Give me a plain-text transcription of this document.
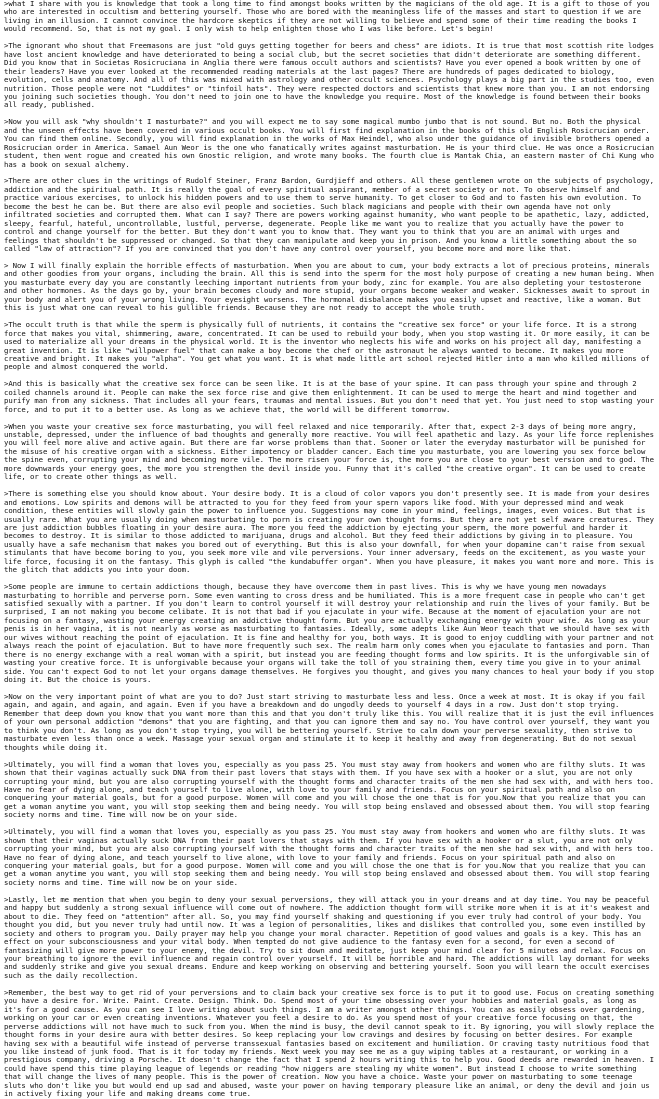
>what I share with you is knowledge that took a long time to find amongst books written by the magicians of the old age. It is a gift to those of you who are interested in occultism and bettering yourself. Those who are bored with the meaningless life of the masses and start to question if we are living in an illusion. I cannot convince the hardcore skeptics if they are not willing to believe and spend some of their time reading the books I would recommend. So, that is not my goal. I only wish to help enlighten those who I was like before. Let's begin!

>The ignorant who shout that Freemasons are just "old guys getting together for beers and chess" are idiots. It is true that most scottish rite lodges have lost ancient knowledge and have deteriorated to being a social club, but the secret societies that didn't deteriorate are something different. Did you know that in Societas Rosicruciana in Anglia there were famous occult authors and scientists? Have you ever opened a book written by one of their leaders? Have you ever looked at the recommended reading materials at the last pages? There are hundreds of pages dedicated to biology, evolution, cells and anatomy. And all of this was mixed with astrology and other occult sciences. Psychology plays a big part in the studies too, even nutrition. Those people were not "Luddites" or "tinfoil hats". They were respected doctors and scientists that knew more than you. I am not endorsing you joining such societies though. You don't need to join one to have the knowledge you require. Most of the knowledge is found between their books all ready, published.

>Now you will ask "why shouldn't I masturbate?" and you will expect me to say some magical mumbo jumbo that is not sound. But no. Both the physical and the unseen effects have been covered in various occult books. You will first find explanation in the books of this old English Rosicrucian order. You can find them online. Secondly, you will find explanation in the works of Max Heindel, who also under the guidance of invisible brothers opened a Rosicrucian order in America. Samael Aun Weor is the one who fanatically writes against masturbation. He is your third clue. He was once a Rosicrucian student, then went rogue and created his own Gnostic religion, and wrote many books. The fourth clue is Mantak Chia, an eastern master of Chi Kung who has a book on sexual alchemy.

>There are other clues in the writings of Rudolf Steiner, Franz Bardon, Gurdjieff and others. All these gentlemen wrote on the subjects of psychology, addiction and the spiritual path. It is really the goal of every spiritual aspirant, member of a secret society or not. To observe himself and practice various exercises, to unlock his hidden powers and to use them to serve humanity. To get closer to God and to fasten his own evolution. To become the best he can be. But there are also evil people and societies. Such black magicians and people with their own agenda have not only infiltrated societies and corrupted them. What can I say? There are powers working against humanity, who want people to be apathetic, lazy, addicted, sleepy, fearful, hateful, uncontrollable, lustful, perverse, degenerate. People like me want you to realize that you actually have the power to control and change yourself for the better. But they don't want you to know that. They want you to think that you are an animal with urges and feelings that shouldn't be suppressed or changed. So that they can manipulate and keep you in prison. And you know a little something about the so called "law of attraction"? If you are convinced that you don't have any control over yourself, you become more and more like that.

> Now I will finally explain the horrible effects of masturbation. When you are about to cum, your body extracts a lot of precious proteins, minerals and other goodies from your organs, including the brain. All this is send into the sperm for the most holy purpose of creating a new human being. When you masturbate every day you are constantly leeching important nutrients from your body, zinc for example. You are also depleting your testosterone and other hormones. As the days go by, your brain becomes cloudy and more stupid, your organs become weaker and weaker. Sicknesses await to sprout in your body and alert you of your wrong living. Your eyesight worsens. The hormonal disbalance makes you easily upset and reactive, like a woman. But this is just what one can reveal to his gullible friends. Because they are not ready to accept the whole truth.

>The occult truth is that while the sperm is physically full of nutrients, it contains the "creative sex force" or your life force. It is a strong force that makes you vital, shimmering, aware, concentrated. It can be used to rebuild your body, when you stop wasting it. Or more easily, it can be used to materialize all your dreams in the physical world. It is the inventor who neglects his wife and works on his project all day, manifesting a great invention. It is like "willpower fuel" that can make a boy become the chef or the astronaut he always wanted to become. It makes you more creative and bright. It makes you "alpha". You get what you want. It is what made little art school rejected Hitler into a man who killed millions of people and almost conquered the world.

>And this is basically what the creative sex force can be seen like. It is at the base of your spine. It can pass through your spine and through 2 coiled channels around it. People can make the sex force rise and give them enlightenment. It can be used to merge the heart and mind together and purify man from any sickness. That includes all your fears, traumas and mental issues. But you don't need that yet. You just need to stop wasting your force, and to put it to a better use. As long as we achieve that, the world will be different tomorrow.

>When you waste your creative sex force masturbating, you will feel relaxed and nice temporarily. After that, expect 2-3 days of being more angry, unstable, depressed, under the influence of bad thoughts and generally more reactive. You will feel apathetic and lazy. As your life force replenishes you will feel more alive and active again. But there are far worse problems than that. Sooner or later the everyday masturbator will be punished for the misuse of his creative organ with a sickness. Either impotency or bladder cancer. Each time you masturbate, you are lowering you sex force below the spine even, corrupting your mind and becoming more vile. The more risen your force is, the more you are close to your best version and to god. The more downwards your energy goes, the more you strengthen the devil inside you. Funny that it's called "the creative organ". It can be used to create life, or to create other things as well.

>There is something else you should know about. Your desire body. It is a cloud of color vapors you don't presently see. It is made from your desires and emotions. Low spirits and demons will be attracted to you for they feed from your spern vapors like food. With your depressed mind and weak condition, these entities will slowly gain the power to influence you. Suggestions may come in your mind, feelings, images, even voices. But that is usually rare. What you are usually doing when masturbating to porn is creating your own thought forms. But they are not yet self aware creatures. They are just addiction bubbles floating in your desire aura. The more you feed the addiction by ejecting your sperm, the more powerful and harder it becomes to destroy. It is similar to those addicted to marijuana, drugs and alcohol. But they feed their addictions by giving in to pleasure. You usually have a safe mechanism that makes you bored out of everything. But this is also your downfall, for when your dopamine can't raise from sexual stimulants that have become boring to you, you seek more vile and vile perversions. Your inner adversary, feeds on the excitement, as you waste your life force, focusing it on the fantasy. This glyph is called "the kundabuffer organ". When you have pleasure, it makes you want more and more. This is the glitch that addicts you into your doom.

>Some people are immune to certain addictions though, because they have overcome them in past lives. This is why we have young men nowadays masturbating to horrible and perverse porn. Some even wanting to cross dress and be humiliated. This is a more frequent case in people who can't get satisfied sexually with a partner. If you don't learn to control yourself it will destroy your relationship and ruin the lives of your family. But be surprised, I am not making you become celibate. It is not that bad if you ejaculate in your wife. Because at the moment of ejaculation your are not focusing on a fantasy, wasting your energy creating an addictive thought form. But you are actually exchanging energy with your wife. As long as your penis is in her vagina, it is not nearly as worse as masturbating to fantasies. Ideally, some adepts like Aun Weor teach that we should have sex with our wives without reaching the point of ejaculation. It is fine and healthy for you, both ways. It is good to enjoy cuddling with your partner and not always reach the point of ejaculation. But to have more frequently such sex. The realm harm only comes when you ejaculate to fantasies and porn. Than there is no energy exchange with a real woman with a spirit, but instead you are feeding thought forms and low spirits. It is the unforgivable sin of wasting your creative force. It is unforgivable because your organs will take the toll of you straining them, every time you give in to your animal side. You can't expect God to not let your organs damage themselves. He forgives you thought, and gives you many chances to heal your body if you stop doing it. But the choice is yours.

>Now on the very important point of what are you to do? Just start striving to masturbate less and less. Once a week at most. It is okay if you fail again, and again, and again, and again. Even if you have a breakdown and do ungodly deeds to yourself 4 days in a row. Just don't stop trying. Remember that deep down you know that you want more than this and that you don't truly like this. You will realize that it is just the evil influences of your own personal addiction "demons" that you are fighting, and that you can ignore them and say no. You have control over yourself, they want you to think you don't. As long as you don't stop trying, you will be bettering yourself. Strive to calm down your perverse sexuality, then strive to masturbate even less than once a week. Massage your sexual organ and stimulate it to keep it healthy and away from degenerating. But do not sexual thoughts while doing it.

>Ultimately, you will find a woman that loves you, especially as you pass 25. You must stay away from hookers and women who are filthy sluts. It was shown that their vaginas actually suck DNA from their past lovers that stays with them. If you have sex with a hooker or a slut, you are not only corrupting your mind, but you are also corrupting yourself with the thought forms and character traits of the men she had sex with, and with hers too. Have no fear of dying alone, and teach yourself to live alone, with love to your family and friends. Focus on your spiritual path and also on conquering your material goals, but for a good purpose. Women will come and you will chose the one that is for you.Now that you realize that you can get a woman anytime you want, you will stop seeking them and being needy. You will stop being enslaved and obsessed about them. You will stop fearing society norms and time. Time will now be on your side.

>Ultimately, you will find a woman that loves you, especially as you pass 25. You must stay away from hookers and women who are filthy sluts. It was shown that their vaginas actually suck DNA from their past lovers that stays with them. If you have sex with a hooker or a slut, you are not only corrupting your mind, but you are also corrupting yourself with the thought forms and character traits of the men she had sex with, and with hers too. Have no fear of dying alone, and teach yourself to live alone, with love to your family and friends. Focus on your spiritual path and also on conquering your material goals, but for a good purpose. Women will come and you will chose the one that is for you.Now that you realize that you can get a woman anytime you want, you will stop seeking them and being needy. You will stop being enslaved and obsessed about them. You will stop fearing society norms and time. Time will now be on your side.

>Lastly, let me mention that when you begin to deny your sexual perversions, they will attack you in your dreams and at day time. You may be peaceful and happy but suddenly a strong sexual influence will come out of nowhere. The addiction thought form will strike more when it is at it's weakest and about to die. They feed on "attention" after all. So, you may find yourself shaking and questioning if you ever truly had control of your body. You thought you did, but you never truly had until now. It was a legion of personalities, likes and dislikes that controlled you, some even instilled by society and others to program you. Daily prayer may help you change your moral character. Repetition of good values and goals is a key. This has an effect on your subconsciousness and your vital body. When tempted do not give audience to the fantasy even for a second, for even a second of fantasizing will give more power to your enemy, the devil. Try to sit down and meditate, just keep your mind clear for 5 minutes and relax. Focus on your breathing to ignore the evil influence and regain control over yourself. It will be horrible and hard. The addictions will lay dormant for weeks and suddenly strike and give you sexual dreams. Endure and keep working on observing and bettering yourself. Soon you will learn the occult exercises such as the daily recollection.

>Remember, the best way to get rid of your perversions and to claim back your creative sex force is to put it to good use. Focus on creating something you have a desire for. Write. Paint. Create. Design. Think. Do. Spend most of your time obsessing over your hobbies and material goals, as long as it's for a good cause. As you can see I love writing about such things. I am a writer amongst other things. You can as easily obsess over gardening, working on your car or even creating inventions. Whatever you feel a desire to do. As you spend most of your creative force focusing on that, the perverse addictions will not have much to suck from you. When the mind is busy, the devil cannot speak to it. By ignoring, you will slowly replace the thought forms in your desire aura with better desires. So keep replacing your low cravings and desires by focusing on better desires. For example having sex with a beautiful wife instead of perverse transsexual fantasies based on excitement and humiliation. Or craving tasty nutritious food that you like instead of junk food. That is it for today my friends. Next week you may see me as a guy wiping tables at a restaurant, or working in a prestigious company, driving a Porsche. It doesn't change the fact that I spend 2 hours writing this to help you. Good deeds are rewarded in heaven. I could have spend this time playing league of legends or reading "how niggers are stealing my white women". But instead I choose to write something that will change the lives of many people. This is the power of creation. Now you have a choice. Waste your power on masturbating to some teenage sluts who don't like you but would end up sad and abused, waste your power on having temporary pleasure like an animal, or deny the devil and join us in actively fixing your life and making dreams come true.
